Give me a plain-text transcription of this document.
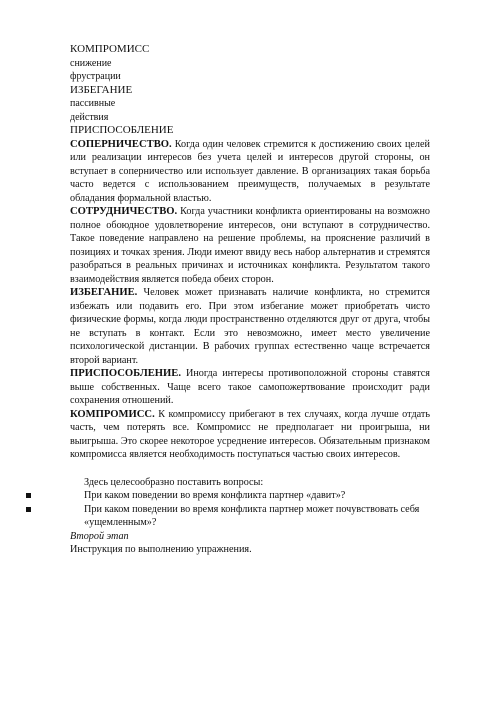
КОМПРОМИСС
снижение
фрустрации
ИЗБЕГАНИЕ
пассивные
действия
ПРИСПОСОБЛЕНИЕ

СОПЕРНИЧЕСТВО. Когда один человек стремится к достижению своих целей или реализации интересов без учета целей и интересов другой стороны, он вступает в соперничество или использует давление. В организациях такая борьба часто ведется с использованием преимуществ, получаемых в результате обладания формальной властью.

СОТРУДНИЧЕСТВО. Когда участники конфликта ориентированы на возможно полное обоюдное удовлетворение интересов, они вступают в сотрудничество. Такое поведение направлено на решение проблемы, на прояснение различий в позициях и точках зрения. Люди имеют ввиду весь набор альтернатив и стремятся разобраться в реальных причинах и источниках конфликта. Результатом такого взаимодействия является победа обеих сторон.

ИЗБЕГАНИЕ. Человек может признавать наличие конфликта, но стремится избежать или подавить его. При этом избегание может приобретать чисто физические формы, когда люди пространственно отделяются друг от друга, чтобы не вступать в контакт. Если это невозможно, имеет место увеличение психологической дистанции. В рабочих группах естественно чаще встречается второй вариант.

ПРИСПОСОБЛЕНИЕ. Иногда интересы противоположной стороны ставятся выше собственных. Чаще всего такое самопожертвование происходит ради сохранения отношений.

КОМПРОМИСС. К компромиссу прибегают в тех случаях, когда лучше отдать часть, чем потерять все. Компромисс не предполагает ни проигрыша, ни выигрыша. Это скорее некоторое усреднение интересов. Обязательным признаком компромисса является необходимость поступаться частью своих интересов.

Здесь целесообразно поставить вопросы:
При каком поведении во время конфликта партнер «давит»?
При каком поведении во время конфликта партнер может почувствовать себя «ущемленным»?
Второй этап
Инструкция по выполнению упражнения.
